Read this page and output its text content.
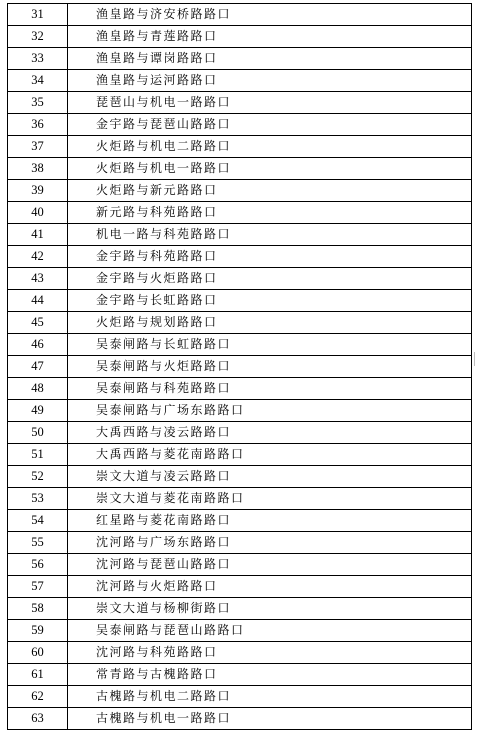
31	渔皇路与济安桥路路口
32	渔皇路与青莲路路口
33	渔皇路与谭岗路路口
34	渔皇路与运河路路口
35	琵琶山与机电一路路口
36	金宇路与琵琶山路路口
37	火炬路与机电二路路口
38	火炬路与机电一路路口
39	火炬路与新元路路口
40	新元路与科苑路路口
41	机电一路与科苑路路口
42	金宇路与科苑路路口
43	金宇路与火炬路路口
44	金宇路与长虹路路口
45	火炬路与规划路路口
46	吴泰闸路与长虹路路口
47	吴泰闸路与火炬路路口
48	吴泰闸路与科苑路路口
49	吴泰闸路与广场东路路口
50	大禹西路与凌云路路口
51	大禹西路与菱花南路路口
52	崇文大道与凌云路路口
53	崇文大道与菱花南路路口
54	红星路与菱花南路路口
55	沈河路与广场东路路口
56	沈河路与琵琶山路路口
57	沈河路与火炬路路口
58	崇文大道与杨柳街路口
59	吴泰闸路与琵琶山路路口
60	沈河路与科苑路路口
61	常青路与古槐路路口
62	古槐路与机电二路路口
63	古槐路与机电一路路口
